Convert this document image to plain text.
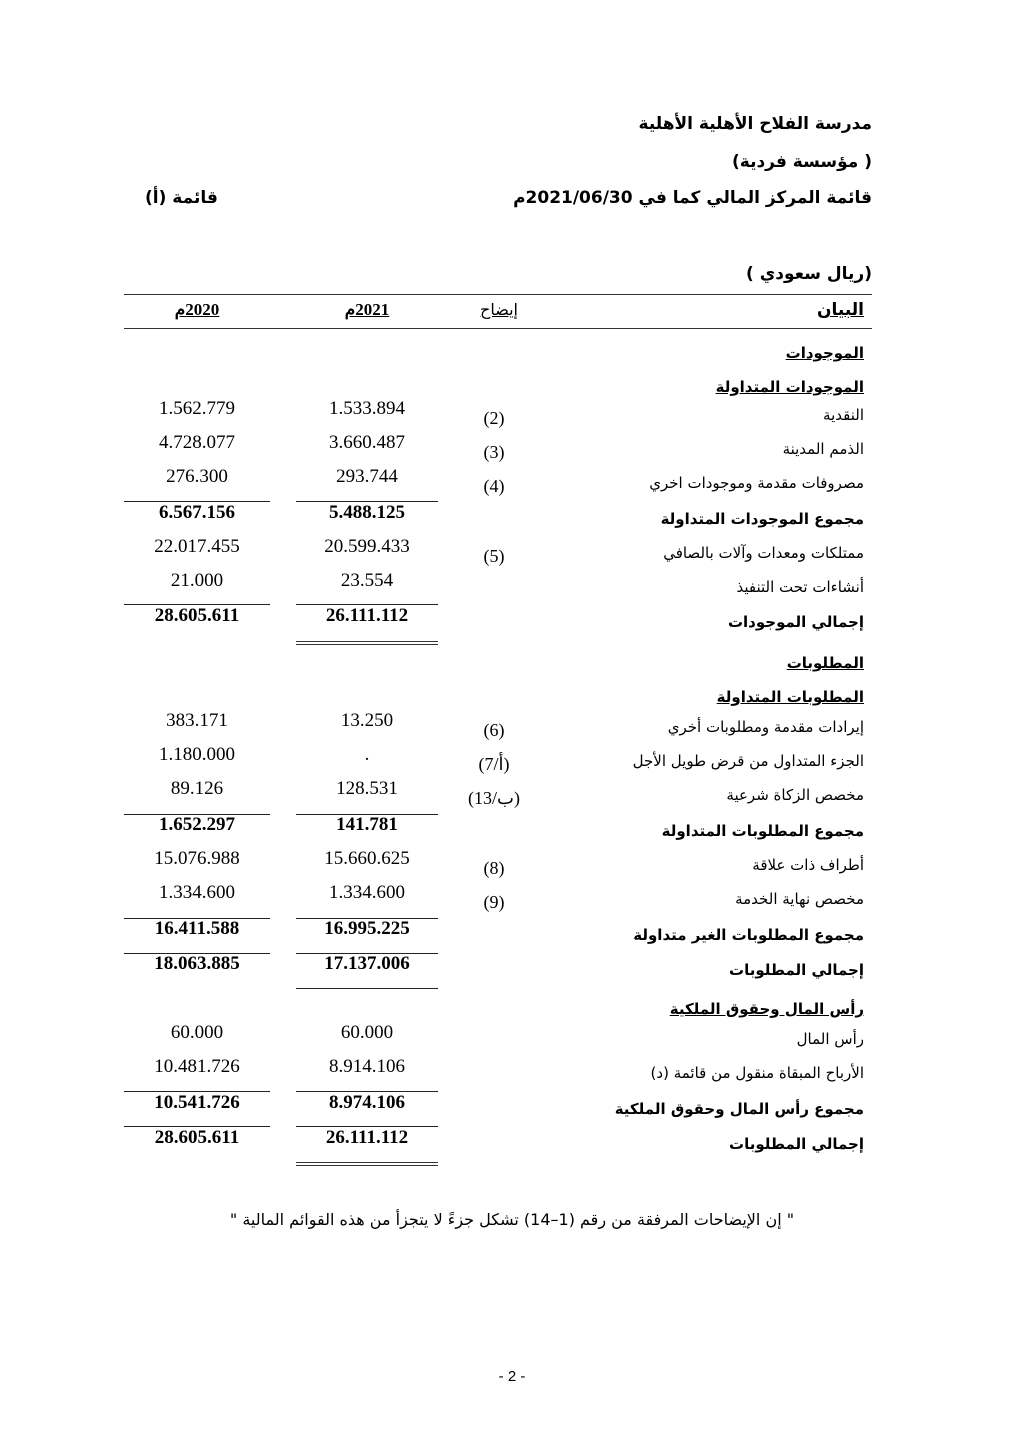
مدرسة الفلاح الأهلية الأهلية
( مؤسسة فردية)
قائمة المركز المالي كما في 2021/06/30م
قائمة (أ)
(ريال سعودي )
البيان
إيضاح
2021م
2020م
الموجودات
الموجودات المتداولة
النقدية
(2)
1.533.894
1.562.779
الذمم المدينة
(3)
3.660.487
4.728.077
مصروفات مقدمة وموجودات اخري
(4)
293.744
276.300
مجموع الموجودات المتداولة
5.488.125
6.567.156
ممتلكات ومعدات وآلات بالصافي
(5)
20.599.433
22.017.455
أنشاءات تحت التنفيذ
23.554
21.000
إجمالي الموجودات
26.111.112
28.605.611
المطلوبات
المطلوبات المتداولة
إيرادات مقدمة ومطلوبات أخري
(6)
13.250
383.171
الجزء المتداول من قرض طويل الأجل
(7/أ)
.
1.180.000
مخصص الزكاة شرعية
(13/ب)
128.531
89.126
مجموع المطلوبات المتداولة
141.781
1.652.297
أطراف ذات علاقة
(8)
15.660.625
15.076.988
مخصص نهاية الخدمة
(9)
1.334.600
1.334.600
مجموع المطلوبات الغير متداولة
16.995.225
16.411.588
إجمالي المطلوبات
17.137.006
18.063.885
رأس المال وحقوق الملكية
رأس المال
60.000
60.000
الأرباح المبقاة منقول من قائمة (د)
8.914.106
10.481.726
مجموع رأس المال وحقوق الملكية
8.974.106
10.541.726
إجمالي المطلوبات
26.111.112
28.605.611
" إن الإيضاحات المرفقة من رقم (1–14) تشكل جزءً لا يتجزأ من هذه القوائم المالية "
- 2 -
